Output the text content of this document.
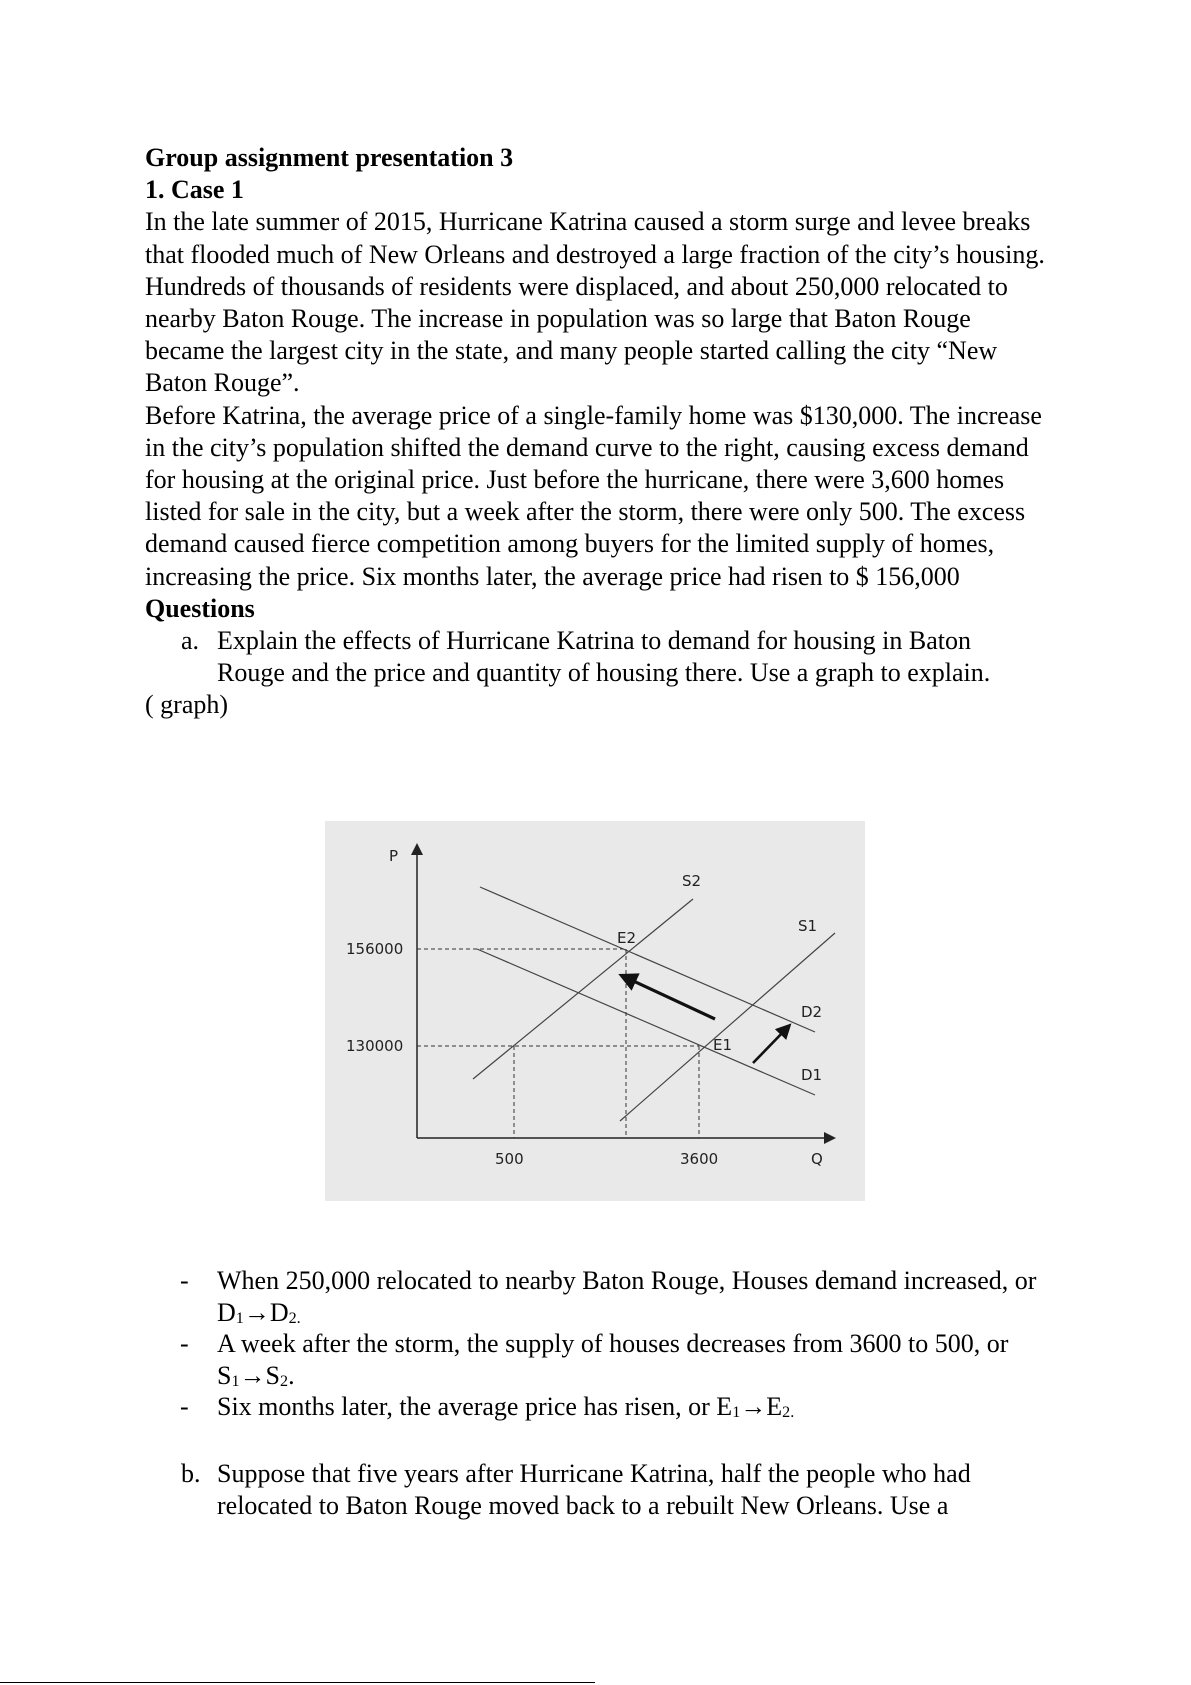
Group assignment presentation 3

1. Case 1

In the late summer of 2015, Hurricane Katrina caused a storm surge and levee breaks that flooded much of New Orleans and destroyed a large fraction of the city’s housing. Hundreds of thousands of residents were displaced, and about 250,000 relocated to nearby Baton Rouge. The increase in population was so large that Baton Rouge became the largest city in the state, and many people started calling the city “New Baton Rouge”.

Before Katrina, the average price of a single-family home was $130,000. The increase in the city’s population shifted the demand curve to the right, causing excess demand for housing at the original price. Just before the hurricane, there were 3,600 homes listed for sale in the city, but a week after the storm, there were only 500. The excess demand caused fierce competition among buyers for the limited supply of homes, increasing the price. Six months later, the average price had risen to $ 156,000

Questions

a. Explain the effects of Hurricane Katrina to demand for housing in Baton Rouge and the price and quantity of housing there. Use a graph to explain.

( graph)

P
Q
156000
130000
500	3600
S2
S1
D2
D1
E2
E1
- When 250,000 relocated to nearby Baton Rouge, Houses demand increased, or $D_1\to D_{2.}$
- A week after the storm, the supply of houses decreases from 3600 to 500, or $S_1\to S_2$.
- Six months later, the average price has risen, or $E_1\to E_{2.}$

b. Suppose that five years after Hurricane Katrina, half the people who had relocated to Baton Rouge moved back to a rebuilt New Orleans. Use a
